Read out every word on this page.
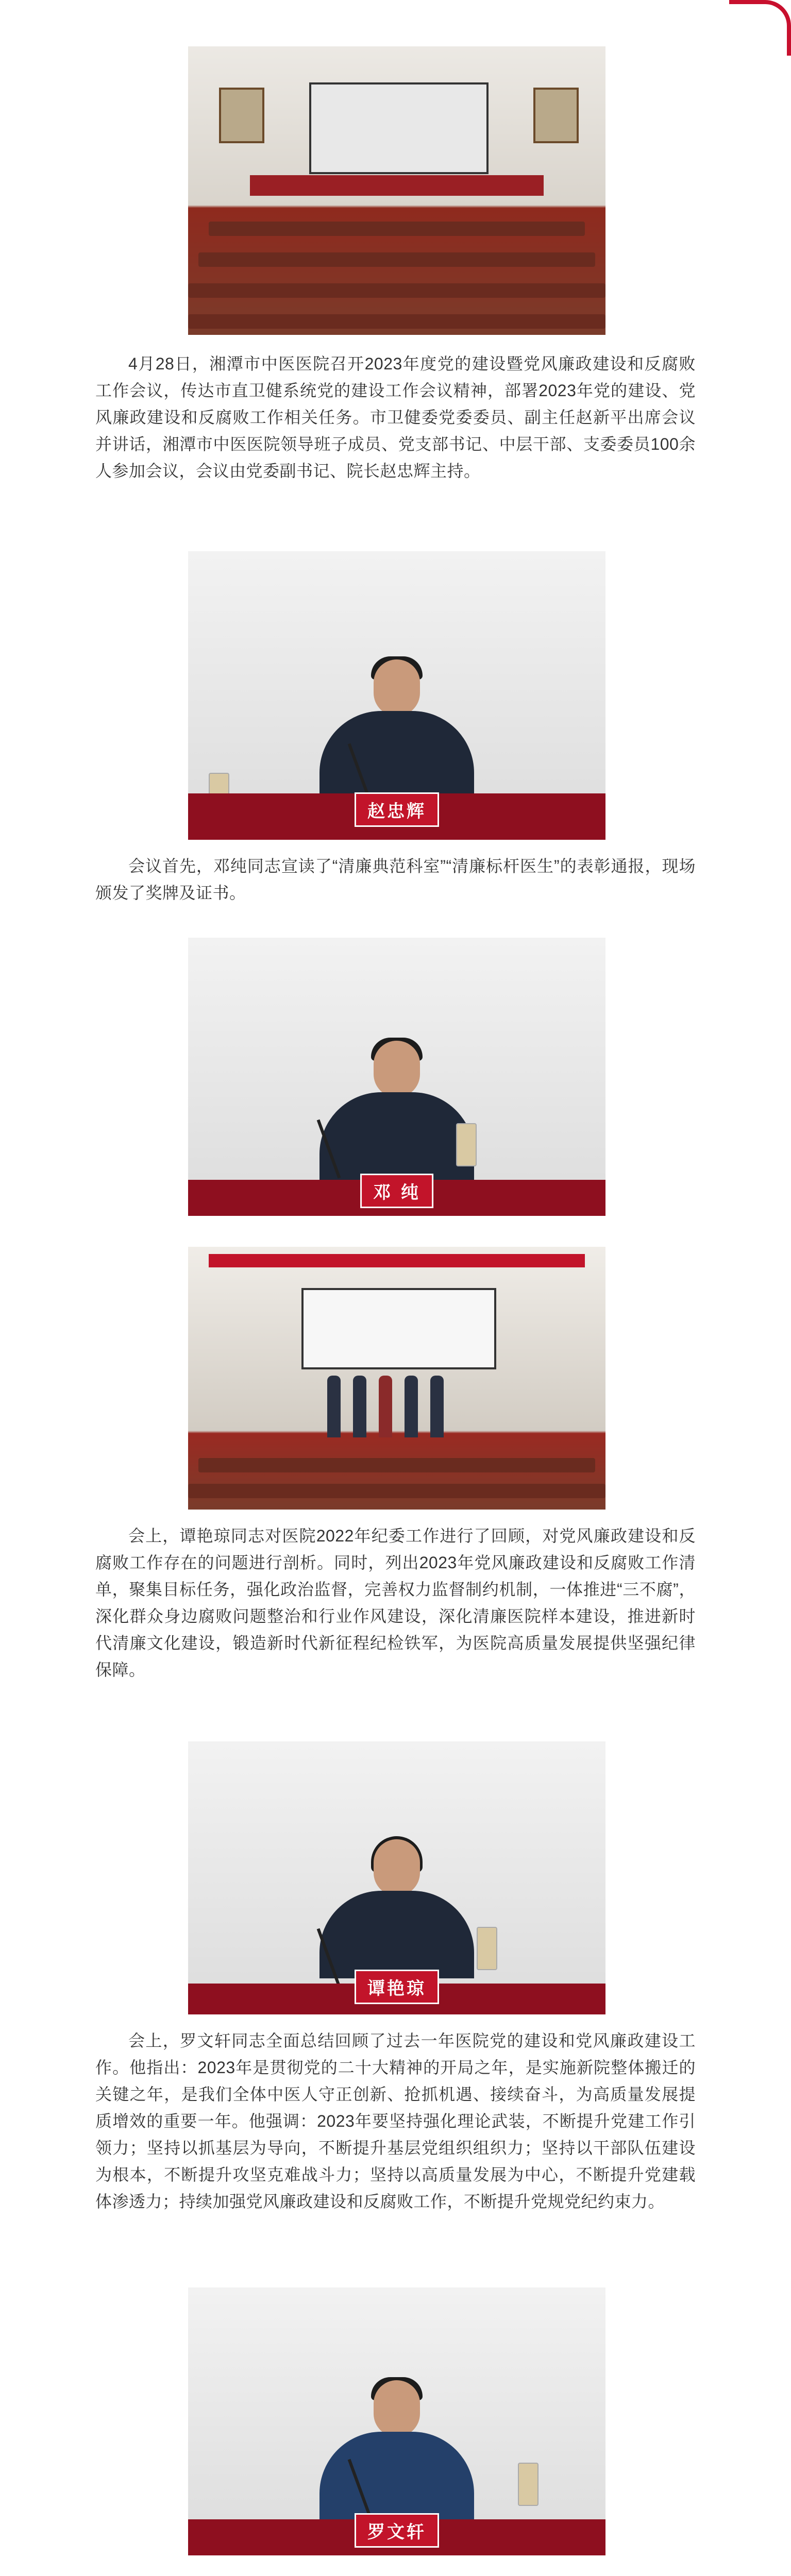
4月28日，湘潭市中医医院召开2023年度党的建设暨党风廉政建设和反腐败工作会议，传达市直卫健系统党的建设工作会议精神，部署2023年党的建设、党风廉政建设和反腐败工作相关任务。市卫健委党委委员、副主任赵新平出席会议并讲话，湘潭市中医医院领导班子成员、党支部书记、中层干部、支委委员100余人参加会议，会议由党委副书记、院长赵忠辉主持。

赵忠辉

会议首先，邓纯同志宣读了“清廉典范科室”“清廉标杆医生”的表彰通报，现场颁发了奖牌及证书。

邓 纯

会上，谭艳琼同志对医院2022年纪委工作进行了回顾，对党风廉政建设和反腐败工作存在的问题进行剖析。同时，列出2023年党风廉政建设和反腐败工作清单，聚集目标任务，强化政治监督，完善权力监督制约机制，一体推进“三不腐”，深化群众身边腐败问题整治和行业作风建设，深化清廉医院样本建设，推进新时代清廉文化建设，锻造新时代新征程纪检铁军，为医院高质量发展提供坚强纪律保障。

谭艳琼

会上，罗文轩同志全面总结回顾了过去一年医院党的建设和党风廉政建设工作。他指出：2023年是贯彻党的二十大精神的开局之年，是实施新院整体搬迁的关键之年，是我们全体中医人守正创新、抢抓机遇、接续奋斗，为高质量发展提质增效的重要一年。他强调：2023年要坚持强化理论武装，不断提升党建工作引领力；坚持以抓基层为导向，不断提升基层党组织组织力；坚持以干部队伍建设为根本，不断提升攻坚克难战斗力；坚持以高质量发展为中心，不断提升党建载体渗透力；持续加强党风廉政建设和反腐败工作，不断提升党规党纪约束力。

罗文轩
